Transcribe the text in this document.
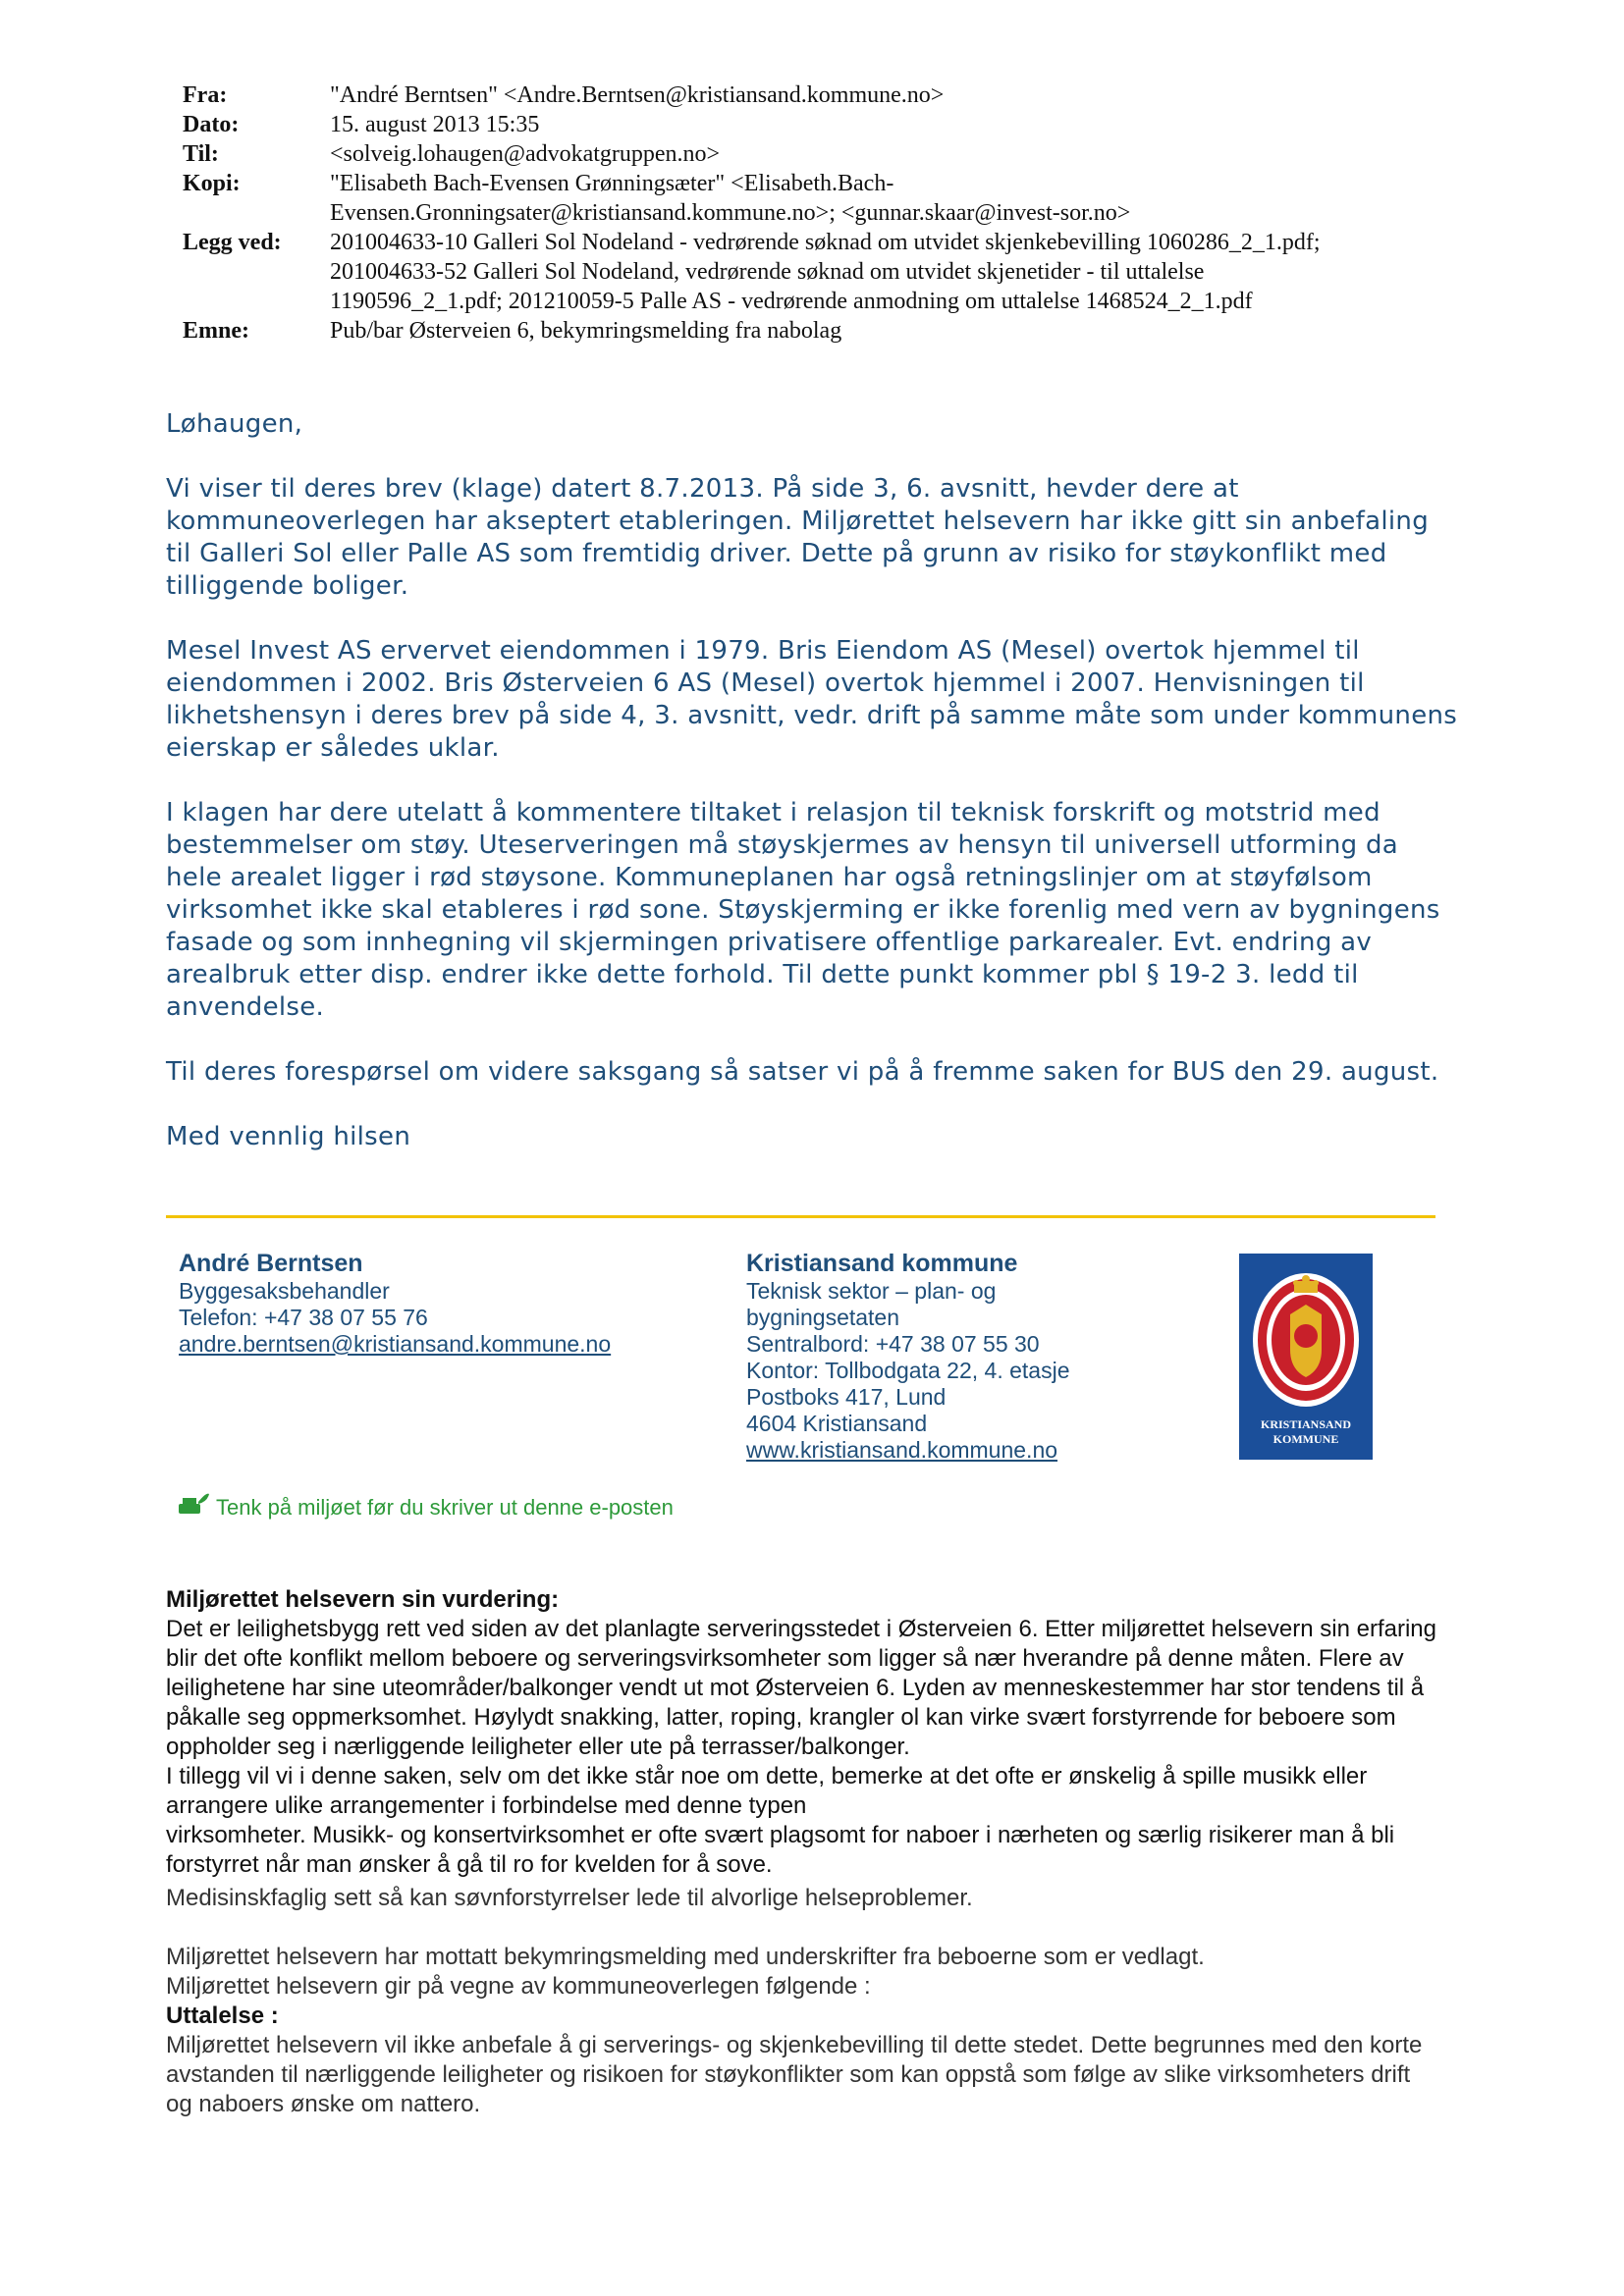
Fra:	"André Berntsen" <Andre.Berntsen@kristiansand.kommune.no>
Dato:	15. august 2013 15:35
Til:	<solveig.lohaugen@advokatgruppen.no>
Kopi:	"Elisabeth Bach-Evensen Grønningsæter" <Elisabeth.Bach-Evensen.Gronningsater@kristiansand.kommune.no>; <gunnar.skaar@invest-sor.no>
Legg ved:	201004633-10 Galleri Sol Nodeland - vedrørende søknad om utvidet skjenkebevilling 1060286_2_1.pdf; 201004633-52 Galleri Sol Nodeland, vedrørende søknad om utvidet skjenetider - til uttalelse 1190596_2_1.pdf; 201210059-5 Palle AS - vedrørende anmodning om uttalelse 1468524_2_1.pdf
Emne:	Pub/bar Østerveien 6, bekymringsmelding fra nabolag

Løhaugen,

Vi viser til deres brev (klage) datert 8.7.2013. På side 3, 6. avsnitt, hevder dere at kommuneoverlegen har akseptert etableringen. Miljørettet helsevern har ikke gitt sin anbefaling til Galleri Sol eller Palle AS som fremtidig driver. Dette på grunn av risiko for støykonflikt med tilliggende boliger.

Mesel Invest AS ervervet eiendommen i 1979. Bris Eiendom AS (Mesel) overtok hjemmel til eiendommen i 2002. Bris Østerveien 6 AS (Mesel) overtok hjemmel i 2007. Henvisningen til likhetshensyn i deres brev på side 4, 3. avsnitt, vedr. drift på samme måte som under kommunens eierskap er således uklar.

I klagen har dere utelatt å kommentere tiltaket i relasjon til teknisk forskrift og motstrid med bestemmelser om støy. Uteserveringen må støyskjermes av hensyn til universell utforming da hele arealet ligger i rød støysone. Kommuneplanen har også retningslinjer om at støyfølsom virksomhet ikke skal etableres i rød sone. Støyskjerming er ikke forenlig med vern av bygningens fasade og som innhegning vil skjermingen privatisere offentlige parkarealer. Evt. endring av arealbruk etter disp. endrer ikke dette forhold. Til dette punkt kommer pbl § 19-2 3. ledd til anvendelse.

Til deres forespørsel om videre saksgang så satser vi på å fremme saken for BUS den 29. august.

Med vennlig hilsen

André Berntsen
Byggesaksbehandler
Telefon: +47 38 07 55 76
andre.berntsen@kristiansand.kommune.no
Kristiansand kommune
Teknisk sektor – plan- og
bygningsetaten
Sentralbord: +47 38 07 55 30
Kontor: Tollbodgata 22, 4. etasje
Postboks 417, Lund
4604 Kristiansand
www.kristiansand.kommune.no
KRISTIANSAND
KOMMUNE
Tenk på miljøet før du skriver ut denne e-posten
Miljørettet helsevern sin vurdering:
Det er leilighetsbygg rett ved siden av det planlagte serveringsstedet i Østerveien 6. Etter miljørettet helsevern sin erfaring blir det ofte konflikt mellom beboere og serveringsvirksomheter som ligger så nær hverandre på denne måten. Flere av leilighetene har sine uteområder/balkonger vendt ut mot Østerveien 6. Lyden av menneskestemmer har stor tendens til å påkalle seg oppmerksomhet. Høylydt snakking, latter, roping, krangler ol kan virke svært forstyrrende for beboere som oppholder seg i nærliggende leiligheter eller ute på terrasser/balkonger.
I tillegg vil vi i denne saken, selv om det ikke står noe om dette, bemerke at det ofte er ønskelig å spille musikk eller arrangere ulike arrangementer i forbindelse med denne typen
virksomheter. Musikk- og konsertvirksomhet er ofte svært plagsomt for naboer i nærheten og særlig risikerer man å bli forstyrret når man ønsker å gå til ro for kvelden for å sove.
Medisinskfaglig sett så kan søvnforstyrrelser lede til alvorlige helseproblemer.
Miljørettet helsevern har mottatt bekymringsmelding med underskrifter fra beboerne som er vedlagt.
Miljørettet helsevern gir på vegne av kommuneoverlegen følgende :
Uttalelse :
Miljørettet helsevern vil ikke anbefale å gi serverings- og skjenkebevilling til dette stedet. Dette begrunnes med den korte avstanden til nærliggende leiligheter og risikoen for støykonflikter som kan oppstå som følge av slike virksomheters drift og naboers ønske om nattero.
